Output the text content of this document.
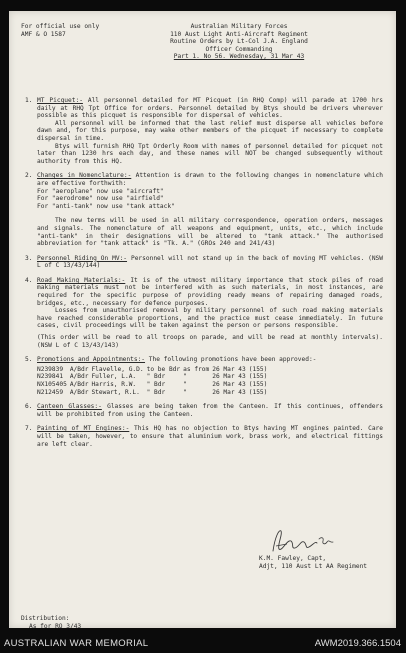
For official use only
AMF & O 1587
Australian Military Forces
110 Aust Light Anti-Aircraft Regiment
Routine Orders by Lt-Col J.A. England
Officer Commanding
Part 1. No 56. Wednesday, 31 Mar 43
1. MT Picquet:- All personnel detailed for MT Picquet (in RHQ Comp) will parade at 1700 hrs daily at RHQ Tpt Office for orders. Personnel detailed by Btys should be drivers wherever possible as this picquet is responsible for dispersal of vehicles.

All personnel will be informed that the last relief must disperse all vehicles before dawn and, for this purpose, may wake other members of the picquet if necessary to complete dispersal in time.

Btys will furnish RHQ Tpt Orderly Room with names of personnel detailed for picquet not later than 1230 hrs each day, and these names will NOT be changed subsequently without authority from this HQ.

2. Changes in Nomenclature:- Attention is drawn to the following changes in nomenclature which are effective forthwith:

For "aeroplane" now use "aircraft"

For "aerodrome" now use "airfield"

For "anti-tank" now use "tank attack"

The new terms will be used in all military correspondence, operation orders, messages and signals. The nomenclature of all weapons and equipment, units, etc., which include "anti-tank" in their designations will be altered to "tank attack." The authorised abbreviation for "tank attack" is "Tk. A." (GROs 240 and 241/43)

3. Personnel Riding On MV:- Personnel will not stand up in the back of moving MT vehicles. (NSW L of C 13/43/144)

4. Road Making Materials:- It is of the utmost military importance that stock piles of road making materials must not be interfered with as such materials, in most instances, are required for the specific purpose of providing ready means of repairing damaged roads, bridges, etc., necessary for defence purposes.

Losses from unauthorised removal by military personnel of such road making materials have reached considerable proportions, and the practice must cease immediately. In future cases, civil proceedings will be taken against the person or persons responsible.

(This order will be read to all troops on parade, and will be read at monthly intervals). (NSW L of C 13/43/143)

5. Promotions and Appointments:- The following promotions have been approved:-

N239839	A/Bdr	Flavelle, G.D.	to be Bdr	as from	26 Mar 43	(155)
N239841	A/Bdr	Fuller, L.A.	" Bdr	"	26 Mar 43	(155)
NX105405	A/Bdr	Harris, R.W.	" Bdr	"	26 Mar 43	(155)
N212459	A/Bdr	Stewart, R.L.	" Bdr	"	26 Mar 43	(155)
6. Canteen Glasses:- Glasses are being taken from the Canteen. If this continues, offenders will be prohibited from using the Canteen.

7. Painting of MT Engines:- This HQ has no objection to Btys having MT engines painted. Care will be taken, however, to ensure that aluminium work, brass work, and electrical fittings are left clear.

K.M. Fawley, Capt,
Adjt, 110 Aust Lt AA Regiment
Distribution:
As for RO 3/43
AUSTRALIAN WAR MEMORIAL	AWM2019.366.1504
